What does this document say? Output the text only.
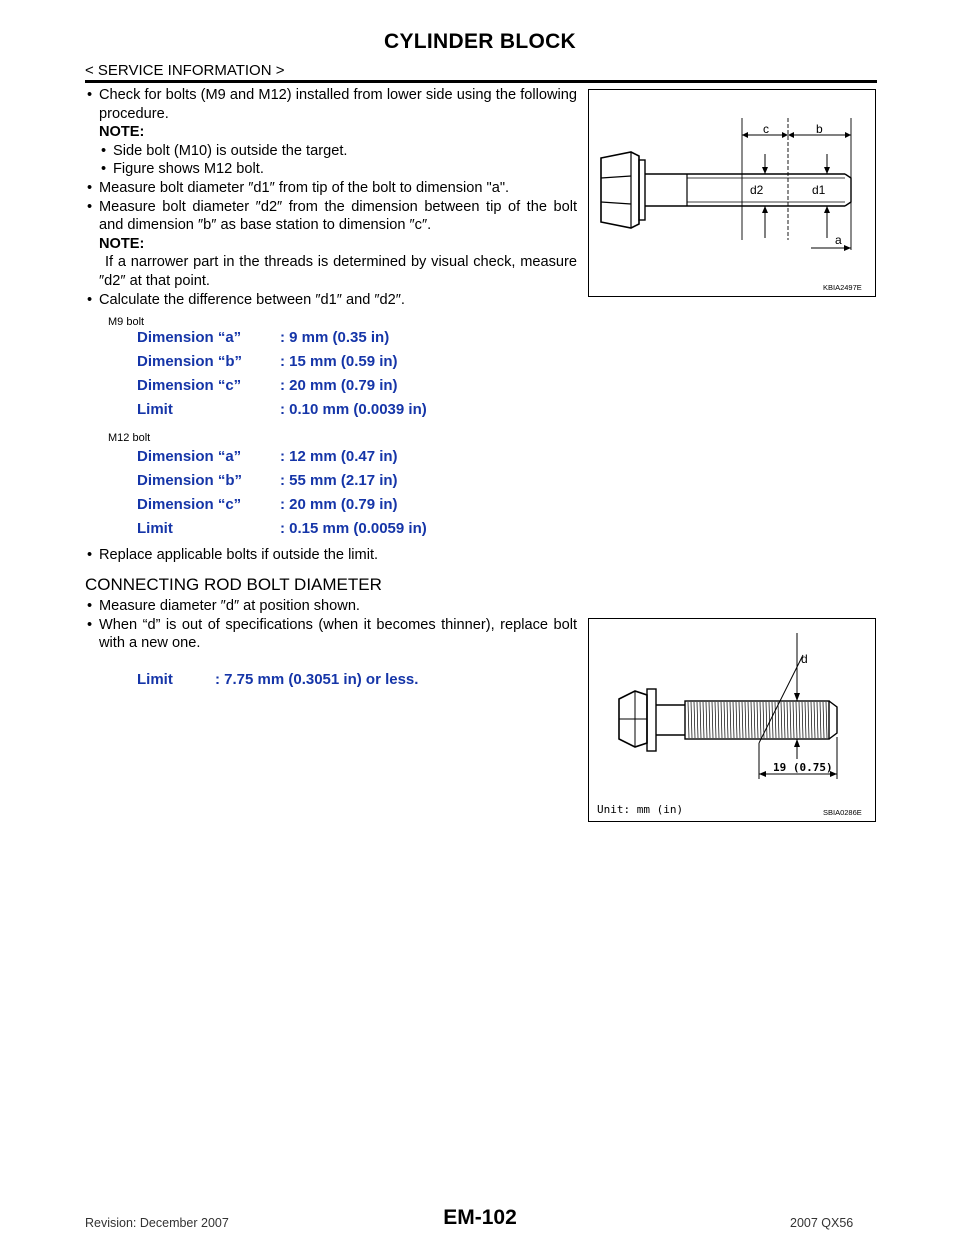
CYLINDER BLOCK
< SERVICE INFORMATION >
• Check for bolts (M9 and M12) installed from lower side using the following procedure.
NOTE:
• Side bolt (M10) is outside the target.
• Figure shows M12 bolt.
• Measure bolt diameter ″d1″ from tip of the bolt to dimension "a".
• Measure bolt diameter ″d2″ from the dimension between tip of the bolt and dimension ″b″ as base station to dimension ″c″.
NOTE:
If a narrower part in the threads is determined by visual check, measure ″d2″ at that point.
• Calculate the difference between ″d1″ and ″d2″.
c	b
d2	d1
a
KBIA2497E
M9 bolt
Dimension “a”	: 9 mm (0.35 in)
Dimension “b”	: 15 mm (0.59 in)
Dimension “c”	: 20 mm (0.79 in)
Limit	: 0.10 mm (0.0039 in)
M12 bolt
Dimension “a”	: 12 mm (0.47 in)
Dimension “b”	: 55 mm (2.17 in)
Dimension “c”	: 20 mm (0.79 in)
Limit	: 0.15 mm (0.0059 in)
• Replace applicable bolts if outside the limit.
CONNECTING ROD BOLT DIAMETER
• Measure diameter ″d″ at position shown.
• When “d” is out of specifications (when it becomes thinner), replace bolt with a new one.
Limit	: 7.75 mm (0.3051 in) or less.
d
19 (0.75)
Unit: mm (in)	SBIA0286E
Revision: December 2007	EM-102	2007 QX56
